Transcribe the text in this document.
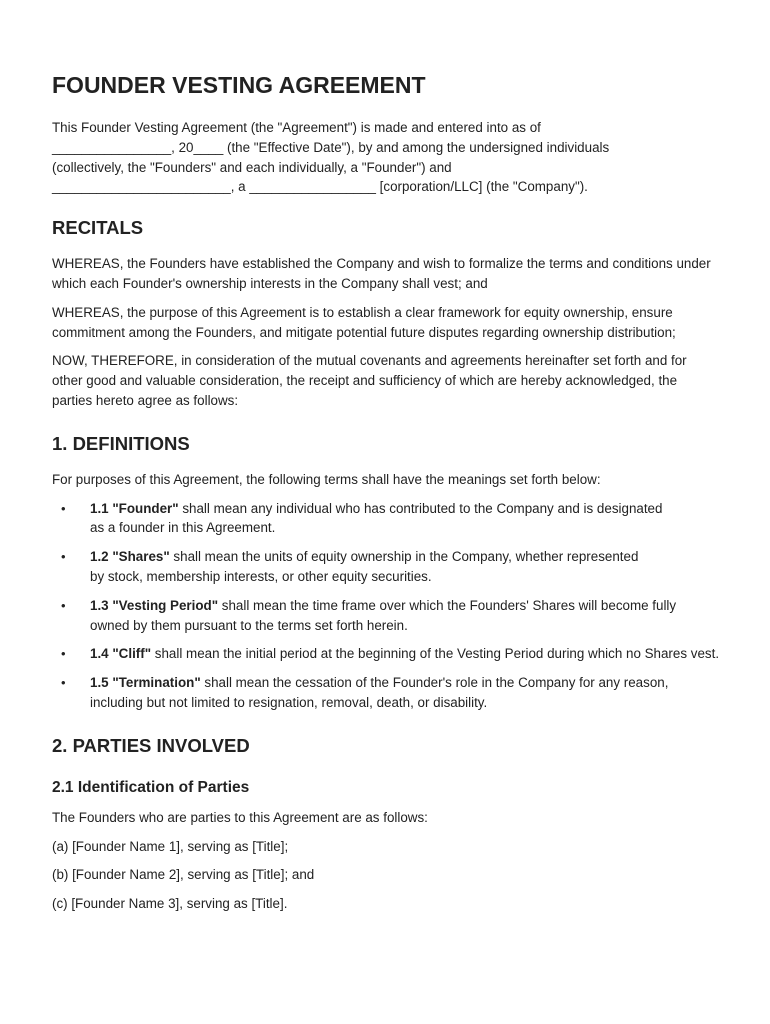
FOUNDER VESTING AGREEMENT

This Founder Vesting Agreement (the "Agreement") is made and entered into as of
________________, 20____ (the "Effective Date"), by and among the undersigned individuals
(collectively, the "Founders" and each individually, a "Founder") and
________________________, a _________________ [corporation/LLC] (the "Company").

RECITALS

WHEREAS, the Founders have established the Company and wish to formalize the terms and conditions under which each Founder's ownership interests in the Company shall vest; and

WHEREAS, the purpose of this Agreement is to establish a clear framework for equity ownership, ensure commitment among the Founders, and mitigate potential future disputes regarding ownership distribution;

NOW, THEREFORE, in consideration of the mutual covenants and agreements hereinafter set forth and for other good and valuable consideration, the receipt and sufficiency of which are hereby acknowledged, the parties hereto agree as follows:

1. DEFINITIONS

For purposes of this Agreement, the following terms shall have the meanings set forth below:

• 1.1 "Founder" shall mean any individual who has contributed to the Company and is designated as a founder in this Agreement.
• 1.2 "Shares" shall mean the units of equity ownership in the Company, whether represented by stock, membership interests, or other equity securities.
• 1.3 "Vesting Period" shall mean the time frame over which the Founders' Shares will become fully owned by them pursuant to the terms set forth herein.
• 1.4 "Cliff" shall mean the initial period at the beginning of the Vesting Period during which no Shares vest.
• 1.5 "Termination" shall mean the cessation of the Founder's role in the Company for any reason, including but not limited to resignation, removal, death, or disability.
2. PARTIES INVOLVED
2.1 Identification of Parties

The Founders who are parties to this Agreement are as follows:

(a) [Founder Name 1], serving as [Title];

(b) [Founder Name 2], serving as [Title]; and

(c) [Founder Name 3], serving as [Title].
